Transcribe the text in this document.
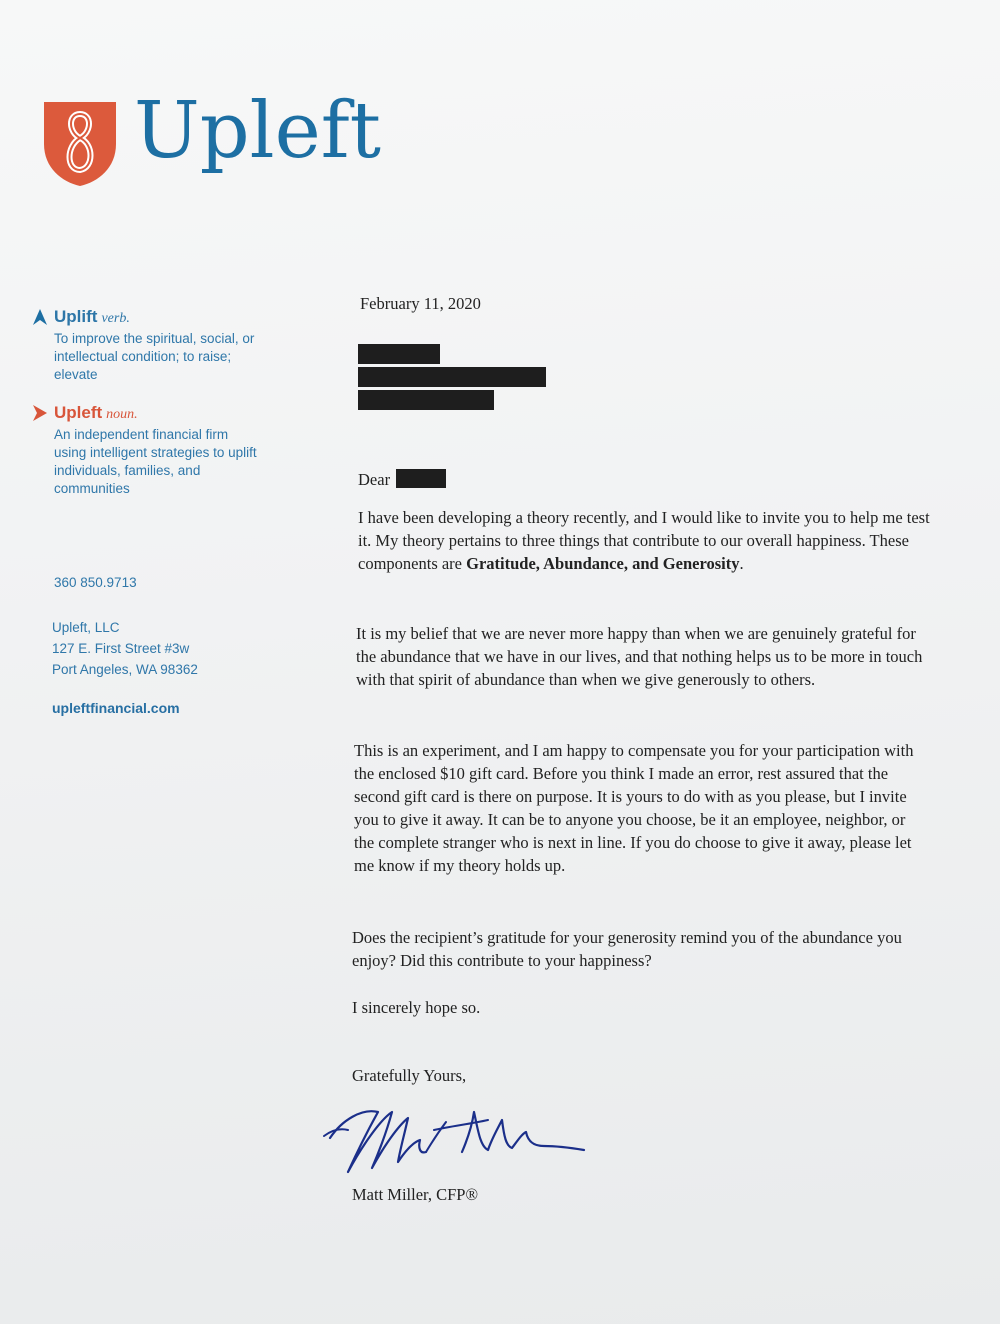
Upleft
Uplift verb.
To improve the spiritual, social, or intellectual condition; to raise; elevate
Upleft noun.
An independent financial firm using intelligent strategies to uplift individuals, families, and communities
360 850.9713
Upleft, LLC
127 E. First Street #3w
Port Angeles, WA 98362
upleftfinancial.com
February 11, 2020
Dear

I have been developing a theory recently, and I would like to invite you to help me test it. My theory pertains to three things that contribute to our overall happiness. These components are Gratitude, Abundance, and Generosity.

It is my belief that we are never more happy than when we are genuinely grateful for the abundance that we have in our lives, and that nothing helps us to be more in touch with that spirit of abundance than when we give generously to others.

This is an experiment, and I am happy to compensate you for your participation with the enclosed $10 gift card. Before you think I made an error, rest assured that the second gift card is there on purpose. It is yours to do with as you please, but I invite you to give it away. It can be to anyone you choose, be it an employee, neighbor, or the complete stranger who is next in line. If you do choose to give it away, please let me know if my theory holds up.

Does the recipient’s gratitude for your generosity remind you of the abundance you enjoy? Did this contribute to your happiness?

I sincerely hope so.

Gratefully Yours,
Matt Miller, CFP®
